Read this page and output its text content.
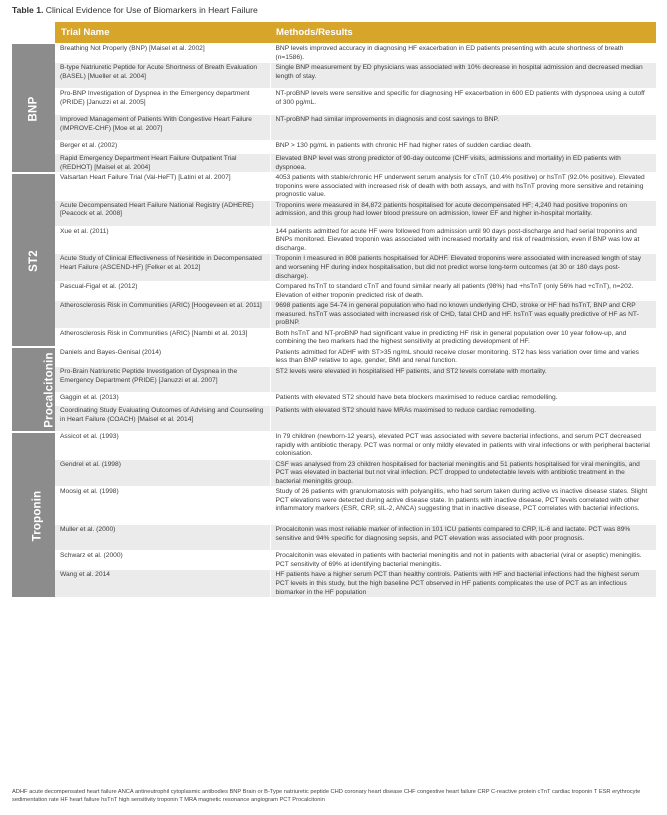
Table 1. Clinical Evidence for Use of Biomarkers in Heart Failure
	Trial Name	Methods/Results
BNP	Breathing Not Properly (BNP) [Maisel et al. 2002]	BNP levels improved accuracy in diagnosing HF exacerbation in ED patients presenting with acute shortness of breath (n=1586).
	B-type Natriuretic Peptide for Acute Shortness of Breath Evaluation (BASEL) [Mueller et al. 2004]	Single BNP measurement by ED physicians was associated with 10% decrease in hospital admission and decreased median length of stay.
	Pro-BNP Investigation of Dyspnea in the Emergency department (PRIDE) [Januzzi et al. 2005]	NT-proBNP levels were sensitive and specific for diagnosing HF exacerbation in 600 ED patients with dyspnoea using a cutoff of 300 pg/mL.
	Improved Management of Patients With Congestive Heart Failure (IMPROVE-CHF) [Moe et al. 2007]	NT-proBNP had similar improvements in diagnosis and cost savings to BNP.
	Berger et al. (2002)	BNP > 130 pg/mL in patients with chronic HF had higher rates of sudden cardiac death.
	Rapid Emergency Department Heart Failure Outpatient Trial (REDHOT) [Maisel et al. 2004]	Elevated BNP level was strong predictor of 90-day outcome (CHF visits, admissions and mortality) in ED patients with dyspnoea.
ST2	Valsartan Heart Failure Trial (Val-HeFT) [Latini et al. 2007]	4053 patients with stable/chronic HF underwent serum analysis for cTnT (10.4% positive) or hsTnT (92.0% positive). Elevated troponins were associated with increased risk of death with both assays, and with hsTnT proving more sensitive and retaining prognostic value.
	Acute Decompensated Heart Failure National Registry (ADHERE) [Peacock et al. 2008]	Troponins were measured in 84,872 patients hospitalised for acute decompensated HF; 4,240 had positive troponins on admission, and this group had lower blood pressure on admission, lower EF and higher in-hospital mortality.
	Xue et al. (2011)	144 patients admitted for acute HF were followed from admission until 90 days post-discharge and had serial troponins and BNPs monitored. Elevated troponin was associated with increased mortality and risk of readmission, even if BNP was low at discharge.
	Acute Study of Clinical Effectiveness of Nesiritide in Decompensated Heart Failure (ASCEND-HF) [Felker et al. 2012]	Troponin I measured in 808 patients hospitalised for ADHF. Elevated troponins were associated with increased length of stay and worsening HF during index hospitalisation, but did not predict worse long-term outcomes (at 30 or 180 days post-discharge).
	Pascual-Figal et al. (2012)	Compared hsTnT to standard cTnT and found similar nearly all patients (98%) had +hsTnT (only 56% had +cTnT), n=202. Elevation of either troponin predicted risk of death.
	Atherosclerosis Risk in Communities (ARIC) [Hoogeveen et al. 2011]	9698 patients age 54-74 in general population who had no known underlying CHD, stroke or HF had hsTnT, BNP and CRP measured. hsTnT was associated with increased risk of CHD, fatal CHD and HF. hsTnT was equally predictive of HF as NT-proBNP.
	Atherosclerosis Risk in Communities (ARIC) [Nambi et al. 2013]	Both hsTnT and NT-proBNP had significant value in predicting HF risk in general population over 10 year follow-up, and combining the two markers had the highest sensitivity at predicting development of HF.
Procalcitonin	Daniels and Bayes-Genisal (2014)	Patients admitted for ADHF with ST>35 ng/mL should receive closer monitoring. ST2 has less variation over time and varies less than BNP relative to age, gender, BMI and renal function.
	Pro-Brain Natriuretic Peptide Investigation of Dyspnea in the Emergency Department (PRIDE) [Januzzi et al. 2007]	ST2 levels were elevated in hospitalised HF patients, and ST2 levels correlate with mortality.
	Gaggin et al. (2013)	Patients with elevated ST2 should have beta blockers maximised to reduce cardiac remodelling.
	Coordinating Study Evaluating Outcomes of Advising and Counseling in Heart Failure (COACH) [Maisel et al. 2014]	Patients with elevated ST2 should have MRAs maximised to reduce cardiac remodelling.
Troponin	Assicot et al. (1993)	In 79 children (newborn-12 years), elevated PCT was associated with severe bacterial infections, and serum PCT decreased rapidly with antibiotic therapy. PCT was normal or only mildly elevated in patients with viral infections or with peripheral bacterial colonisation.
	Gendrel et al. (1998)	CSF was analysed from 23 children hospitalised for bacterial meningitis and 51 patients hospitalised for viral meningitis, and PCT was elevated in bacterial but not viral infection. PCT dropped to undetectable levels with antibiotic treatment in the bacterial meningitis group.
	Moosig et al. (1998)	Study of 26 patients with granulomatosis with polyangiitis, who had serum taken during active vs inactive disease states. Slight PCT elevations were detected during active disease state. In patients with inactive disease, PCT levels correlated with other inflammatory markers (ESR, CRP, sIL-2, ANCA) suggesting that in inactive disease, PCT correlates with bacterial infections.
	Muller et al. (2000)	Procalcitonin was most reliable marker of infection in 101 ICU patients compared to CRP, IL-6 and lactate. PCT was 89% sensitive and 94% specific for diagnosing sepsis, and PCT elevation was associated with poor prognosis.
	Schwarz et al. (2000)	Procalcitonin was elevated in patients with bacterial meningitis and not in patients with abacterial (viral or aseptic) meningitis. PCT sensitivity of 69% at identifying bacterial meningitis.
	Wang et al. 2014	HF patients have a higher serum PCT than healthy controls. Patients with HF and bacterial infections had the highest serum PCT levels in this study, but the high baseline PCT observed in HF patients complicates the use of PCT as an infectious biomarker in the HF population
ADHF acute decompensated heart failure ANCA antineutrophil cytoplasmic antibodies BNP Brain or B-Type natriuretic peptide CHD coronary heart disease CHF congestive heart failure CRP C-reactive protein cTnT cardiac troponin T ESR erythrocyte sedimentation rate HF heart failure hsTnT high sensitivity troponin T MRA magnetic resonance angiogram PCT Procalcitonin
